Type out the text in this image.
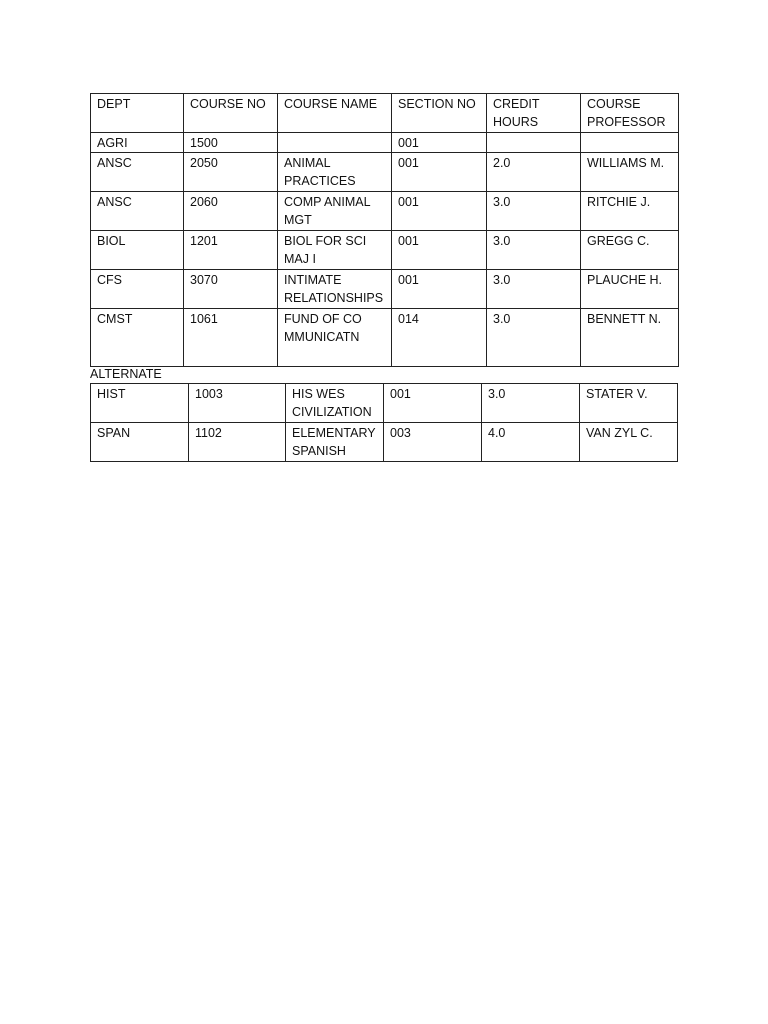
DEPT	COURSE NO	COURSE NAME	SECTION NO	CREDIT HOURS	COURSE PROFESSOR
AGRI	1500		001		
ANSC	2050	ANIMAL PRACTICES	001	2.0	WILLIAMS M.
ANSC	2060	COMP ANIMAL MGT	001	3.0	RITCHIE J.
BIOL	1201	BIOL FOR SCI MAJ I	001	3.0	GREGG C.
CFS	3070	INTIMATE RELATIONSHIPS	001	3.0	PLAUCHE H.
CMST	1061	FUND OF COMMUNICATN	014	3.0	BENNETT N.
ALTERNATE
HIST	1003	HIS WES CIVILIZATION	001	3.0	STATER V.
SPAN	1102	ELEMENTARY SPANISH	003	4.0	VAN ZYL C.
